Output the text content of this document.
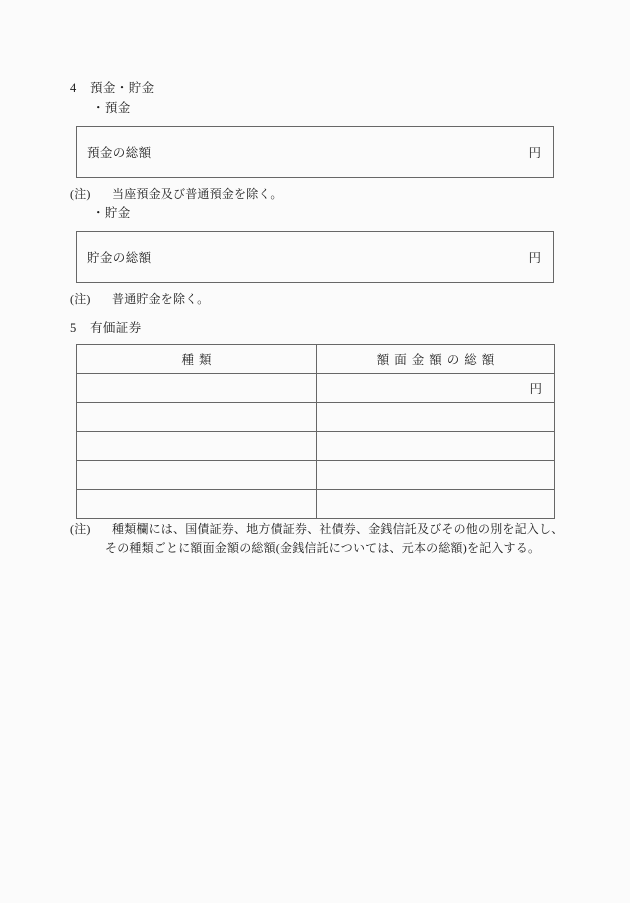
4 預金・貯金
・預金
預金の総額	円
(注) 当座預金及び普通預金を除く。
・貯金
貯金の総額	円
(注) 普通貯金を除く。
5 有価証券
種類	額面金額の総額

	円

(注) 種類欄には、国債証券、地方債証券、社債券、金銭信託及びその他の別を記入し、
その種類ごとに額面金額の総額(金銭信託については、元本の総額)を記入する。
